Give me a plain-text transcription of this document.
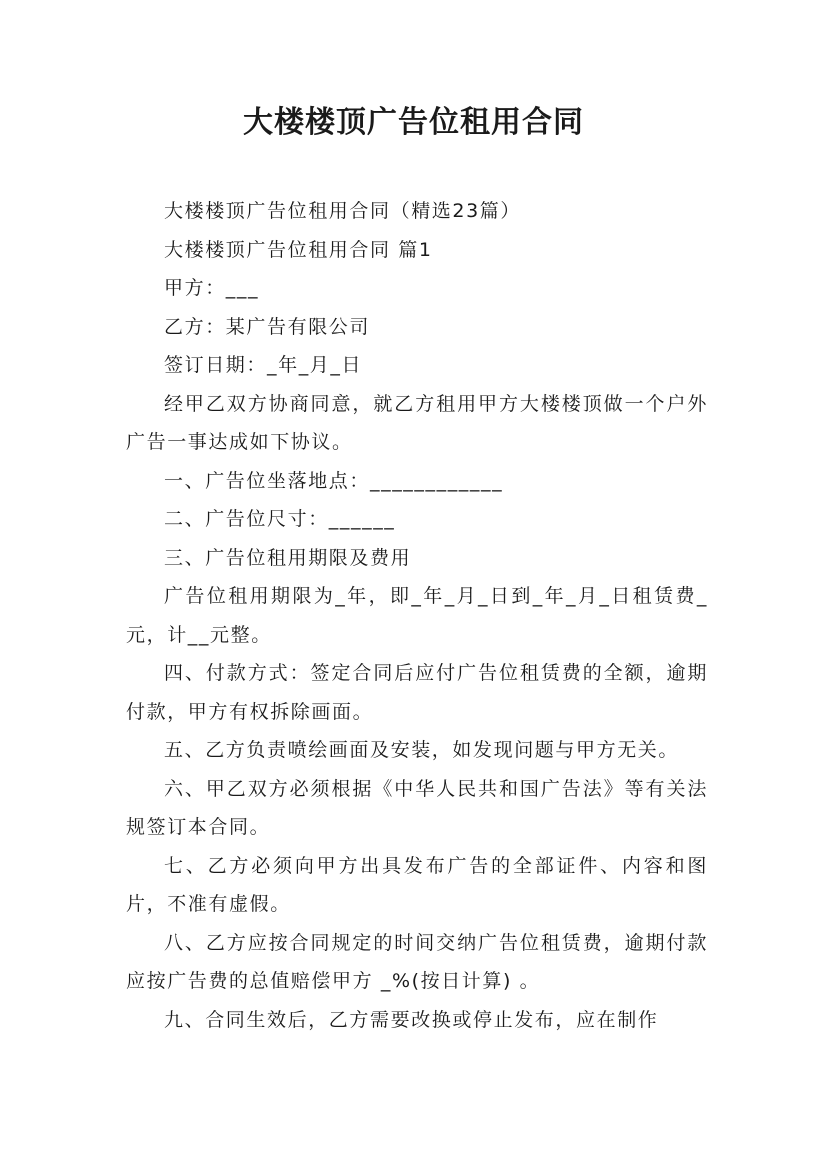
大楼楼顶广告位租用合同

大楼楼顶广告位租用合同（精选23篇）

大楼楼顶广告位租用合同 篇1

甲方：___

乙方：某广告有限公司

签订日期：_年_月_日

经甲乙双方协商同意，就乙方租用甲方大楼楼顶做一个户外广告一事达成如下协议。

一、广告位坐落地点：____________

二、广告位尺寸：______

三、广告位租用期限及费用

广告位租用期限为_年，即_年_月_日到_年_月_日租赁费_元，计__元整。

四、付款方式：签定合同后应付广告位租赁费的全额，逾期付款，甲方有权拆除画面。

五、乙方负责喷绘画面及安装，如发现问题与甲方无关。

六、甲乙双方必须根据《中华人民共和国广告法》等有关法规签订本合同。

七、乙方必须向甲方出具发布广告的全部证件、内容和图片，不准有虚假。

八、乙方应按合同规定的时间交纳广告位租赁费，逾期付款应按广告费的总值赔偿甲方 _%(按日计算) 。

九、合同生效后，乙方需要改换或停止发布，应在制作
